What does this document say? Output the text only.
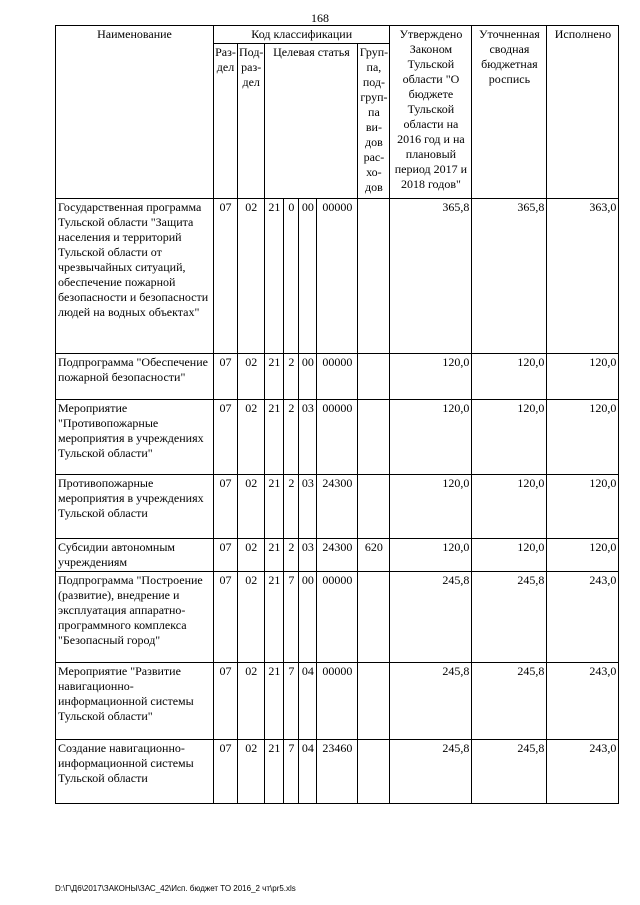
168
Наименование	Код классификации							Утверждено Законом Тульской области "О бюджете Тульской области на 2016 год и на плановый период 2017 и 2018 годов"	Уточненная сводная бюджетная роспись	Исполнено
	Раз-дел	Под-раз-дел	Целевая статья				Груп-па, под-груп-па ви-дов рас-хо-дов			
Государственная программа Тульской области "Защита населения и территорий Тульской области от чрезвычайных ситуаций, обеспечение пожарной безопасности и безопасности людей на водных объектах"	07	02	21	0	00	00000		365,8	365,8	363,0
Подпрограмма "Обеспечение пожарной безопасности"	07	02	21	2	00	00000		120,0	120,0	120,0
Мероприятие "Противопожарные мероприятия в учреждениях Тульской области"	07	02	21	2	03	00000		120,0	120,0	120,0
Противопожарные мероприятия в учреждениях Тульской области	07	02	21	2	03	24300		120,0	120,0	120,0
Субсидии автономным учреждениям	07	02	21	2	03	24300	620	120,0	120,0	120,0
Подпрограмма "Построение (развитие), внедрение и эксплуатация аппаратно-программного комплекса "Безопасный город"	07	02	21	7	00	00000		245,8	245,8	243,0
Мероприятие "Развитие навигационно-информационной системы Тульской области"	07	02	21	7	04	00000		245,8	245,8	243,0
Создание навигационно-информационной системы Тульской области	07	02	21	7	04	23460		245,8	245,8	243,0
D:\Г\Д6\2017\ЗАКОНЫ\ЗАС_42\Исп. бюджет ТО 2016_2 чт\pr5.xls
